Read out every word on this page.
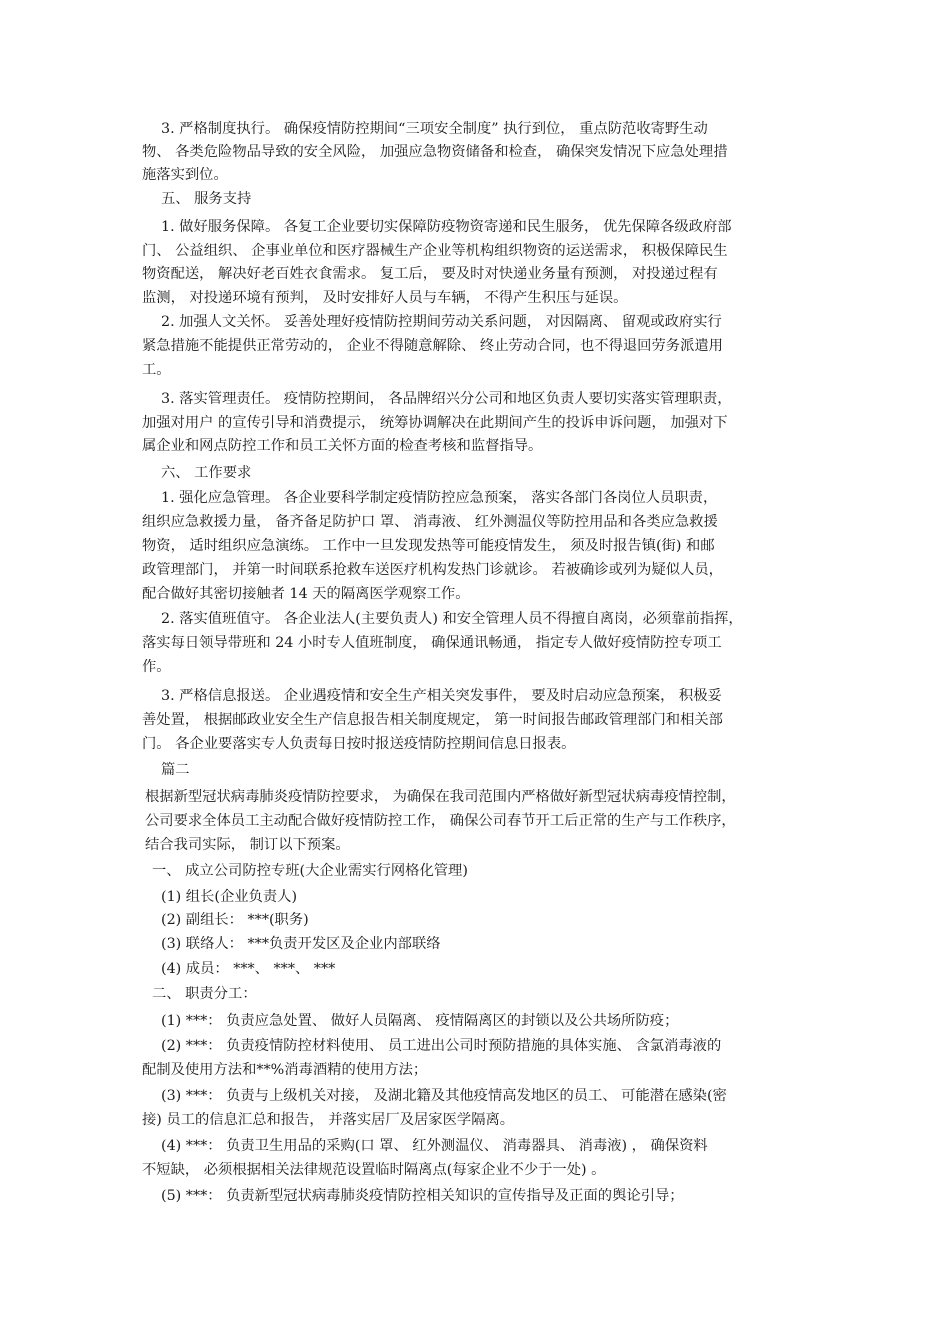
3. 严格制度执行。 确保疫情防控期间“三项安全制度” 执行到位， 重点防范收寄野生动
物、 各类危险物品导致的安全风险， 加强应急物资储备和检查， 确保突发情况下应急处理措
施落实到位。
五、 服务支持
1. 做好服务保障。 各复工企业要切实保障防疫物资寄递和民生服务， 优先保障各级政府部
门、 公益组织、 企事业单位和医疗器械生产企业等机构组织物资的运送需求， 积极保障民生
物资配送， 解决好老百姓衣食需求。 复工后， 要及时对快递业务量有预测， 对投递过程有
监测， 对投递环境有预判， 及时安排好人员与车辆， 不得产生积压与延误。
2. 加强人文关怀。 妥善处理好疫情防控期间劳动关系问题， 对因隔离、 留观或政府实行
紧急措施不能提供正常劳动的， 企业不得随意解除、 终止劳动合同，也不得退回劳务派遣用
工。
3. 落实管理责任。 疫情防控期间， 各品牌绍兴分公司和地区负责人要切实落实管理职责，
加强对用户 的宣传引导和消费提示， 统筹协调解决在此期间产生的投诉申诉问题， 加强对下
属企业和网点防控工作和员工关怀方面的检查考核和监督指导。
六、 工作要求
1. 强化应急管理。 各企业要科学制定疫情防控应急预案， 落实各部门各岗位人员职责，
组织应急救援力量， 备齐备足防护口 罩、 消毒液、 红外测温仪等防控用品和各类应急救援
物资， 适时组织应急演练。 工作中一旦发现发热等可能疫情发生， 须及时报告镇(街) 和邮
政管理部门， 并第一时间联系抢救车送医疗机构发热门诊就诊。 若被确诊或列为疑似人员，
配合做好其密切接触者 14 天的隔离医学观察工作。
2. 落实值班值守。 各企业法人(主要负责人) 和安全管理人员不得擅自离岗，必须靠前指挥，
落实每日领导带班和 24 小时专人值班制度， 确保通讯畅通， 指定专人做好疫情防控专项工
作。
3. 严格信息报送。 企业遇疫情和安全生产相关突发事件， 要及时启动应急预案， 积极妥
善处置， 根据邮政业安全生产信息报告相关制度规定， 第一时间报告邮政管理部门和相关部
门。 各企业要落实专人负责每日按时报送疫情防控期间信息日报表。
篇二
根据新型冠状病毒肺炎疫情防控要求， 为确保在我司范围内严格做好新型冠状病毒疫情控制，
公司要求全体员工主动配合做好疫情防控工作， 确保公司春节开工后正常的生产与工作秩序，
结合我司实际， 制订以下预案。
一、 成立公司防控专班(大企业需实行网格化管理)
(1) 组长(企业负责人)
(2) 副组长： ***(职务)
(3) 联络人： ***负责开发区及企业内部联络
(4) 成员： ***、 ***、 ***
二、 职责分工：
(1) ***： 负责应急处置、 做好人员隔离、 疫情隔离区的封锁以及公共场所防疫；
(2) ***： 负责疫情防控材料使用、 员工进出公司时预防措施的具体实施、 含氯消毒液的
配制及使用方法和**%消毒酒精的使用方法；
(3) ***： 负责与上级机关对接， 及湖北籍及其他疫情高发地区的员工、 可能潜在感染(密
接) 员工的信息汇总和报告， 并落实居厂及居家医学隔离。
(4) ***： 负责卫生用品的采购(口 罩、 红外测温仪、 消毒器具、 消毒液) ， 确保资料
不短缺， 必须根据相关法律规范设置临时隔离点(每家企业不少于一处) 。
(5) ***： 负责新型冠状病毒肺炎疫情防控相关知识的宣传指导及正面的舆论引导；
